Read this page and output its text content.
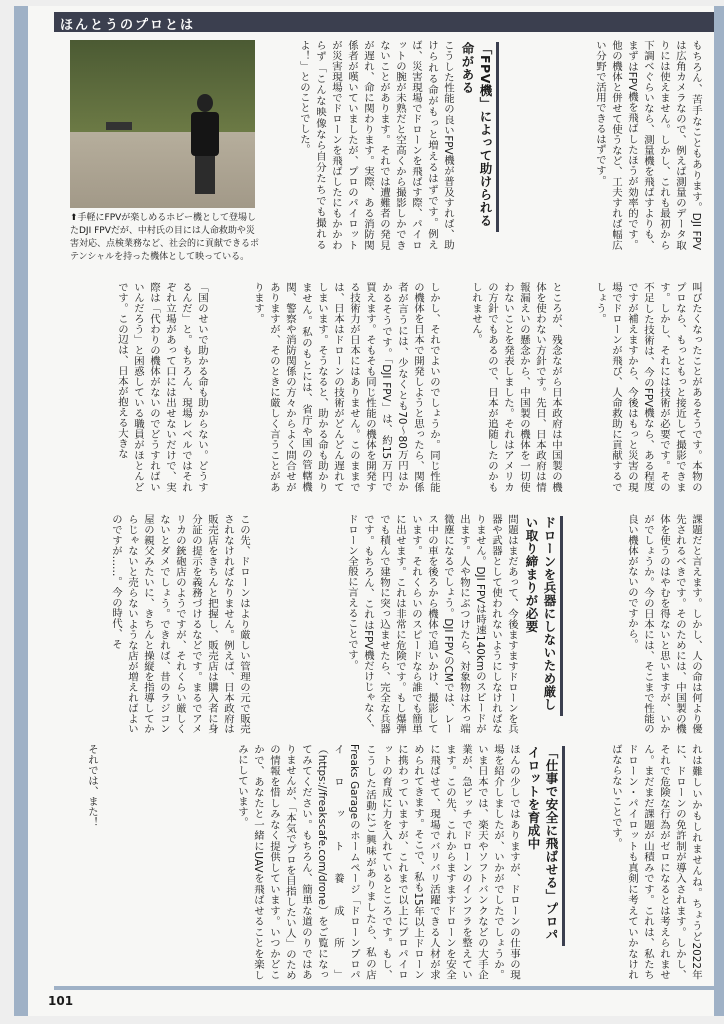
ほんとうのプロとは
⬆手軽にFPVが楽しめるホビー機として登場したDJI FPVだが、中村氏の目には人命救助や災害対応、点検業務など、社会的に貢献できるポテンシャルを持った機体として映っている。
もちろん、苦手なこともあります。DJI FPVは広角カメラなので、例えば測量のデータ取りには使えません。しかし、これも最初から下調べぐらいなら、測量機を飛ばすよりも、まずはFPV機を飛ばしたほうが効率的です。他の機体と併せて使うなど、工夫すれば幅広い分野で活用できるはずです。
「FPV機」によって助けられる命がある
こうした性能の良いFPV機が普及すれば、助けられる命がもっと増えるはずです。例えば、災害現場でドローンを飛ばす際、パイロットの腕が未熟だと空高くから撮影しかできないことがあります。それでは遭難者の発見が遅れ、命に関わります。実際、ある消防関係者が嘆いていましたが、プロのパイロットが災害現場でドローンを飛ばしたにもかかわらず「こんな映像なら自分たちでも撮れるよ！」とのことでした。
叫びたくなったことがあるそうです。本物のプロなら、もっともっと接近して撮影できます。しかし、それには技術が必要です。その不足した技術は、今のFPV機なら、ある程度ですが補えますから、今後はもっと災害の現場でドローンが飛び、人命救助に貢献するでしょう。
ところが、残念ながら日本政府は中国製の機体を使わない方針です。先日、日本政府は情報漏えいの懸念から、中国製の機体を一切使わないことを発表しました。それはアメリカの方針でもあるので、日本が追随したのかもしれません。
しかし、それでよいのでしょうか。同じ性能の機体を日本で開発しようと思ったら、関係者が言うには、少なくとも70〜80万円はかかるそうです。「DJI FPV」は、約15万円で買えます。そもそも同じ性能の機体を開発する技術力が日本にはありません。このままでは、日本はドローンの技術がどんどん遅れてしまいます。そうなると、助かる命も助かりません。私のもとには、省庁や国の管轄機関、警察や消防関係の方々からよく問合せがありますが、そのときに厳しく言うことがあります。
「国のせいで助かる命も助からない。どうするんだ」と。もちろん、現場レベルではそれぞれ立場があって口には出せないだけで、実際は「代わりの機体がないのでどうすればいいんだろう」と困惑している職員がほとんどです。この辺は、日本が抱える大きな
課題だと言えます。しかし、人の命は何より優先されるべきです。そのためには、中国製の機体を使うのはやむを得ないと思いますが、いかがでしょうか。今の日本には、そこまで性能の良い機体がないのですから。
ドローンを兵器にしないため厳しい取り締まりが必要
問題はまだあって、今後ますますドローンを兵器や武器として使われないようにしなければなりません。DJI FPVは時速140kmのスピードが出ます。人や物にぶつけたら、対象物は木っ端微塵になるでしょう。DJI FPVのCMでは、レース中の車を後ろから機体で追いかけ、撮影しています。それくらいのスピードなら誰でも簡単に出せます。これは非常に危険です。もし爆弾でも積んで建物に突っ込ませたら、完全な兵器です。もちろん、これはFPV機だけじゃなく、ドローン全般に言えることです。
この先、ドローンはより厳しい管理の元で販売されなければなりません。例えば、日本政府は販売店をきちんと把握し、販売店は購入者に身分証の提示を義務づけるなどです。まるでアメリカの銃砲店のようですが、それくらい厳しくないとダメでしょう。できれば、昔のラジコン屋の親父みたいに、きちんと操縦を指導してからじゃないと売らないような店が増えればよいのですが……。今の時代、そ
れは難しいかもしれませんね。ちょうど2022年に、ドローンの免許制が導入されます。しかし、それで危険な行為がゼロになるとは考えられません。まだまだ課題が山積みです。これは、私たちドローン・パイロットも真剣に考えていかなければならないことです。
「仕事で安全に飛ばせる」プロパイロットを育成中
ほんの少しではありますが、ドローンの仕事の現場を紹介しましたが、いかがでしたでしょうか。いま日本では、楽天やソフトバンクなどの大手企業が、急ピッチでドローンのインフラを整えています。この先、これからますますドローンを安全に飛ばせて、現場でバリバリ活躍できる人材が求められてきます。そこで、私も15年以上ドローンに携わっていますが、これまで以上にプロパイロットの育成に力を入れているところです。もし、こうした活動にご興味がありましたら、私の店Freaks Garageのホームページ「ドローンプロパイロット養成所」（https://freakscafe.com/drone）をご覧になってみてください。もちろん、簡単な道のりではありませんが、「本気でプロを目指したい人」のための情報を惜しみなく提供しています。いつかどこかで、あなたと一緒にUAVを飛ばせることを楽しみにしています。
それでは、また！
101
